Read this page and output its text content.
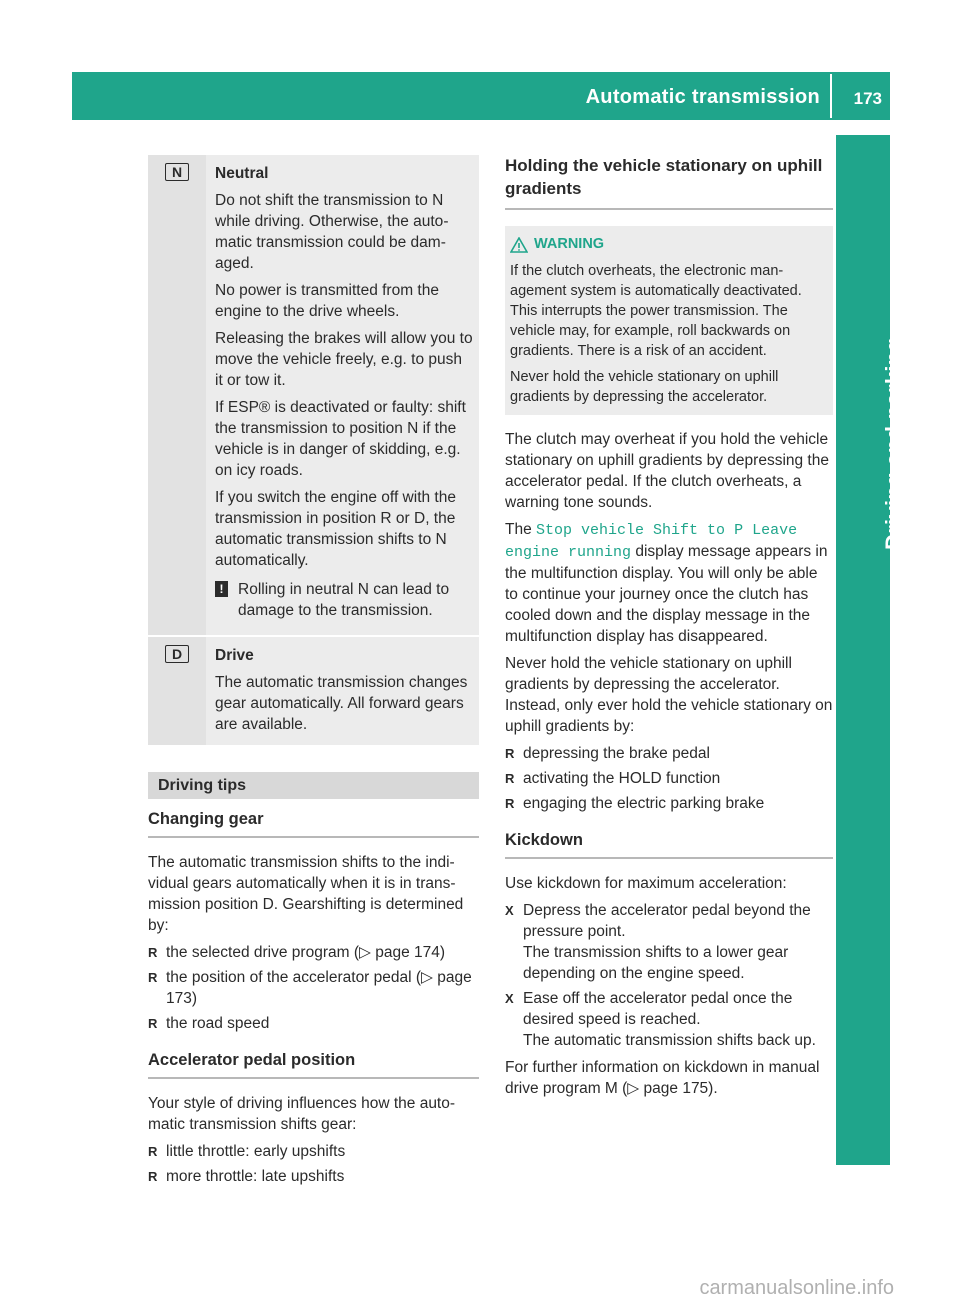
Automatic transmission 173
Driving and parking
N	Neutral

Do not shift the transmission to N while driving. Otherwise, the automatic transmission could be damaged.

No power is transmitted from the engine to the drive wheels.

Releasing the brakes will allow you to move the vehicle freely, e.g. to push it or tow it.

If ESP® is deactivated or faulty: shift the transmission to position N if the vehicle is in danger of skidding, e.g. on icy roads.

If you switch the engine off with the transmission in position R or D, the automatic transmission shifts to N automatically.

! Rolling in neutral N can lead to damage to the transmission.
D	Drive

The automatic transmission changes gear automatically. All forward gears are available.

Driving tips
Changing gear

The automatic transmission shifts to the individual gears automatically when it is in transmission position D. Gearshifting is determined by:

R the selected drive program (▷ page 174)
R the position of the accelerator pedal (▷ page 173)
R the road speed
Accelerator pedal position

Your style of driving influences how the automatic transmission shifts gear:

R little throttle: early upshifts
R more throttle: late upshifts
Holding the vehicle stationary on uphill gradients
WARNING

If the clutch overheats, the electronic management system is automatically deactivated. This interrupts the power transmission. The vehicle may, for example, roll backwards on gradients. There is a risk of an accident.

Never hold the vehicle stationary on uphill gradients by depressing the accelerator.

The clutch may overheat if you hold the vehicle stationary on uphill gradients by depressing the accelerator pedal. If the clutch overheats, a warning tone sounds.

The Stop vehicle Shift to P Leave engine running display message appears in the multifunction display. You will only be able to continue your journey once the clutch has cooled down and the display message in the multifunction display has disappeared.

Never hold the vehicle stationary on uphill gradients by depressing the accelerator. Instead, only ever hold the vehicle stationary on uphill gradients by:

R depressing the brake pedal
R activating the HOLD function
R engaging the electric parking brake
Kickdown

Use kickdown for maximum acceleration:

X Depress the accelerator pedal beyond the pressure point.
The transmission shifts to a lower gear depending on the engine speed.
X Ease off the accelerator pedal once the desired speed is reached.
The automatic transmission shifts back up.

For further information on kickdown in manual drive program M (▷ page 175).

carmanualsonline.info
